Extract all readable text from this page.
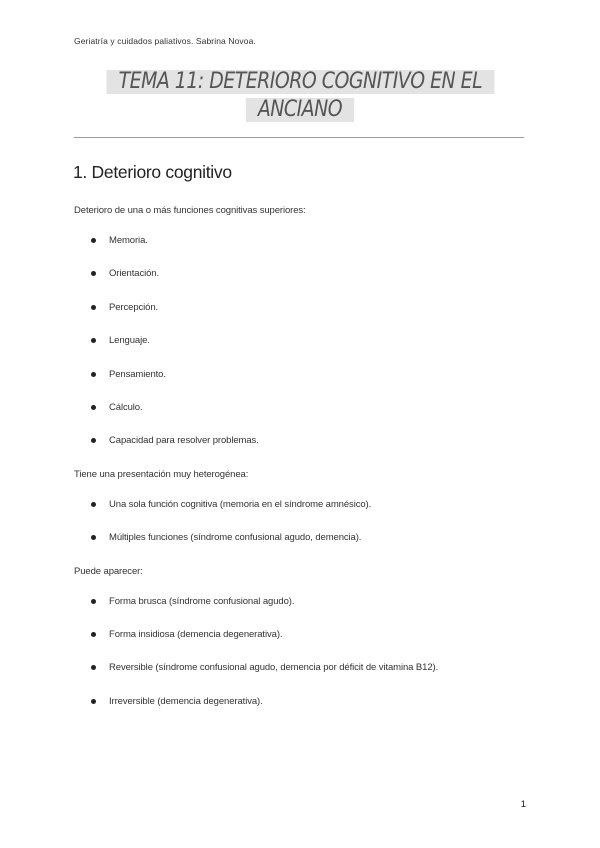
Geriatría y cuidados paliativos. Sabrina Novoa.
TEMA 11: DETERIORO COGNITIVO EN EL
ANCIANO
1. Deterioro cognitivo
Deterioro de una o más funciones cognitivas superiores:
Memoria.
Orientación.
Percepción.
Lenguaje.
Pensamiento.
Cálculo.
Capacidad para resolver problemas.
Tiene una presentación muy heterogénea:
Una sola función cognitiva (memoria en el síndrome amnésico).
Múltiples funciones (síndrome confusional agudo, demencia).
Puede aparecer:
Forma brusca (síndrome confusional agudo).
Forma insidiosa (demencia degenerativa).
Reversible (síndrome confusional agudo, demencia por déficit de vitamina B12).
Irreversible (demencia degenerativa).
1
